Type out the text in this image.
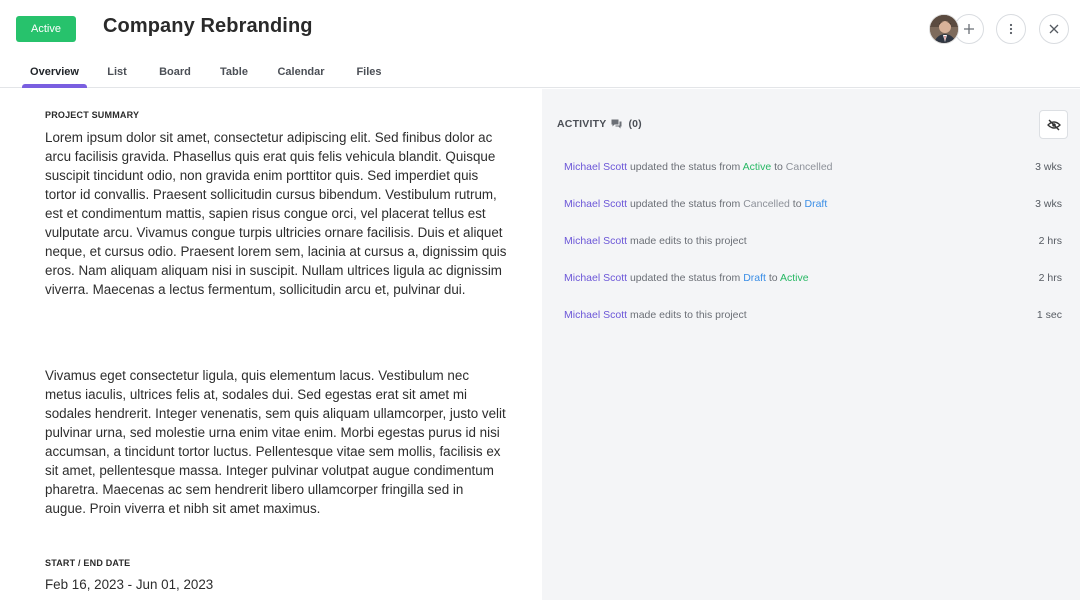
Active	Company Rebranding
Overview	List	Board	Table	Calendar	Files
PROJECT SUMMARY
Lorem ipsum dolor sit amet, consectetur adipiscing elit. Sed finibus dolor ac arcu facilisis gravida. Phasellus quis erat quis felis vehicula blandit. Quisque suscipit tincidunt odio, non gravida enim porttitor quis. Sed imperdiet quis tortor id convallis. Praesent sollicitudin cursus bibendum. Vestibulum rutrum, est et condimentum mattis, sapien risus congue orci, vel placerat tellus est vulputate arcu. Vivamus congue turpis ultricies ornare facilisis. Duis et aliquet neque, et cursus odio. Praesent lorem sem, lacinia at cursus a, dignissim quis eros. Nam aliquam aliquam nisi in suscipit. Nullam ultrices ligula ac dignissim viverra. Maecenas a lectus fermentum, sollicitudin arcu et, pulvinar dui.
Vivamus eget consectetur ligula, quis elementum lacus. Vestibulum nec metus iaculis, ultrices felis at, sodales dui. Sed egestas erat sit amet mi sodales hendrerit. Integer venenatis, sem quis aliquam ullamcorper, justo velit pulvinar urna, sed molestie urna enim vitae enim. Morbi egestas purus id nisi accumsan, a tincidunt tortor luctus. Pellentesque vitae sem mollis, facilisis ex sit amet, pellentesque massa. Integer pulvinar volutpat augue condimentum pharetra. Maecenas ac sem hendrerit libero ullamcorper fringilla sed in augue. Proin viverra et nibh sit amet maximus.
START / END DATE
Feb 16, 2023 - Jun 01, 2023
ACTIVITY (0)
Michael Scott updated the status from Active to Cancelled	3 wks
Michael Scott updated the status from Cancelled to Draft	3 wks
Michael Scott made edits to this project	2 hrs
Michael Scott updated the status from Draft to Active	2 hrs
Michael Scott made edits to this project	1 sec
